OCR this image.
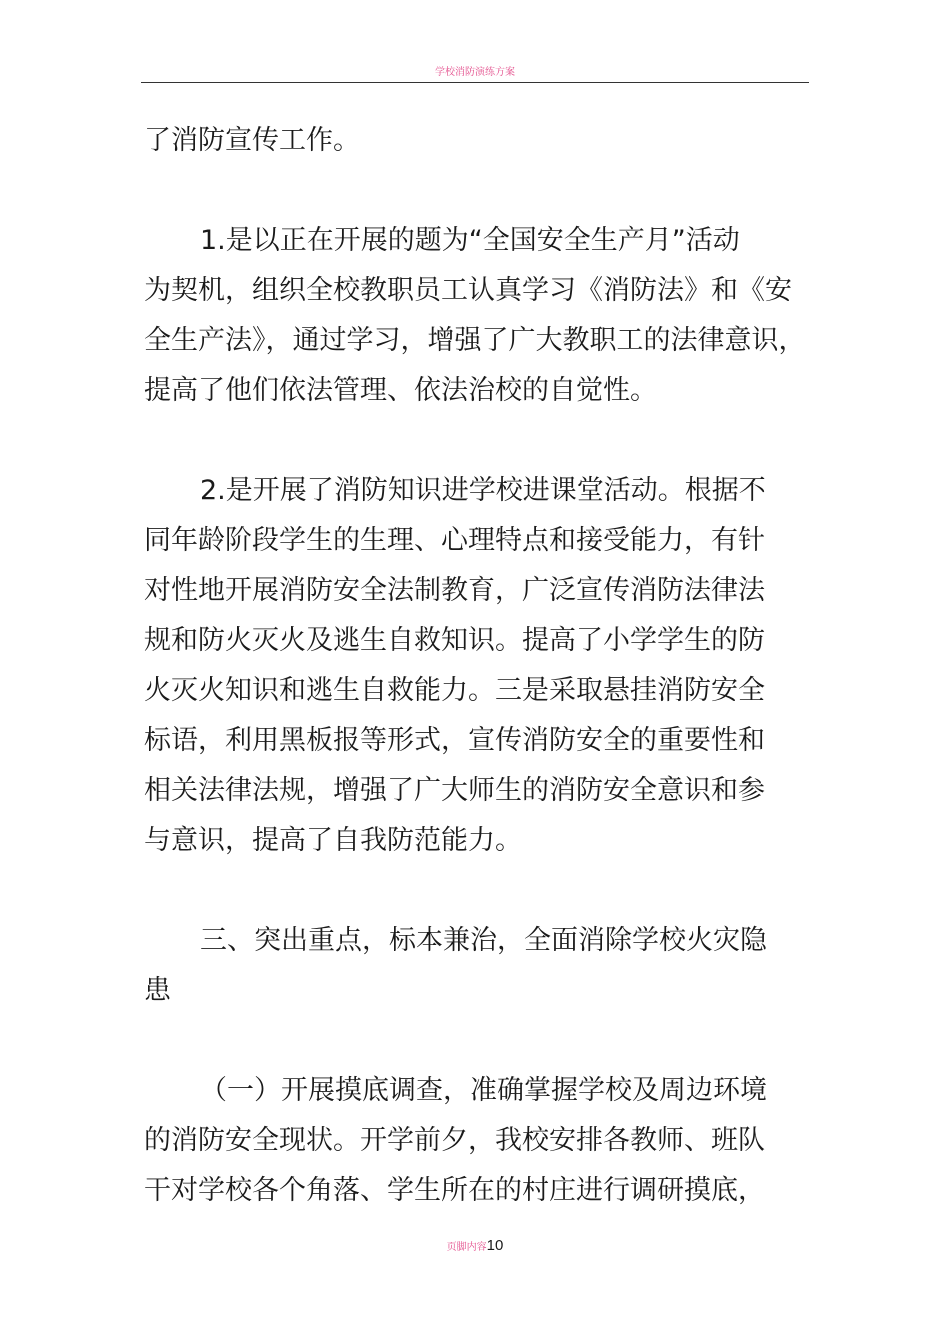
学校消防演练方案
了消防宣传工作。
1.是以正在开展的题为“全国安全生产月”活动
为契机，组织全校教职员工认真学习《消防法》和《安
全生产法》，通过学习，增强了广大教职工的法律意识，
提高了他们依法管理、依法治校的自觉性。
2.是开展了消防知识进学校进课堂活动。根据不
同年龄阶段学生的生理、心理特点和接受能力，有针
对性地开展消防安全法制教育，广泛宣传消防法律法
规和防火灭火及逃生自救知识。提高了小学学生的防
火灭火知识和逃生自救能力。三是采取悬挂消防安全
标语，利用黑板报等形式，宣传消防安全的重要性和
相关法律法规，增强了广大师生的消防安全意识和参
与意识，提高了自我防范能力。
三、突出重点，标本兼治，全面消除学校火灾隐
患
（一）开展摸底调查，准确掌握学校及周边环境
的消防安全现状。开学前夕，我校安排各教师、班队
干对学校各个角落、学生所在的村庄进行调研摸底，
页脚内容10
